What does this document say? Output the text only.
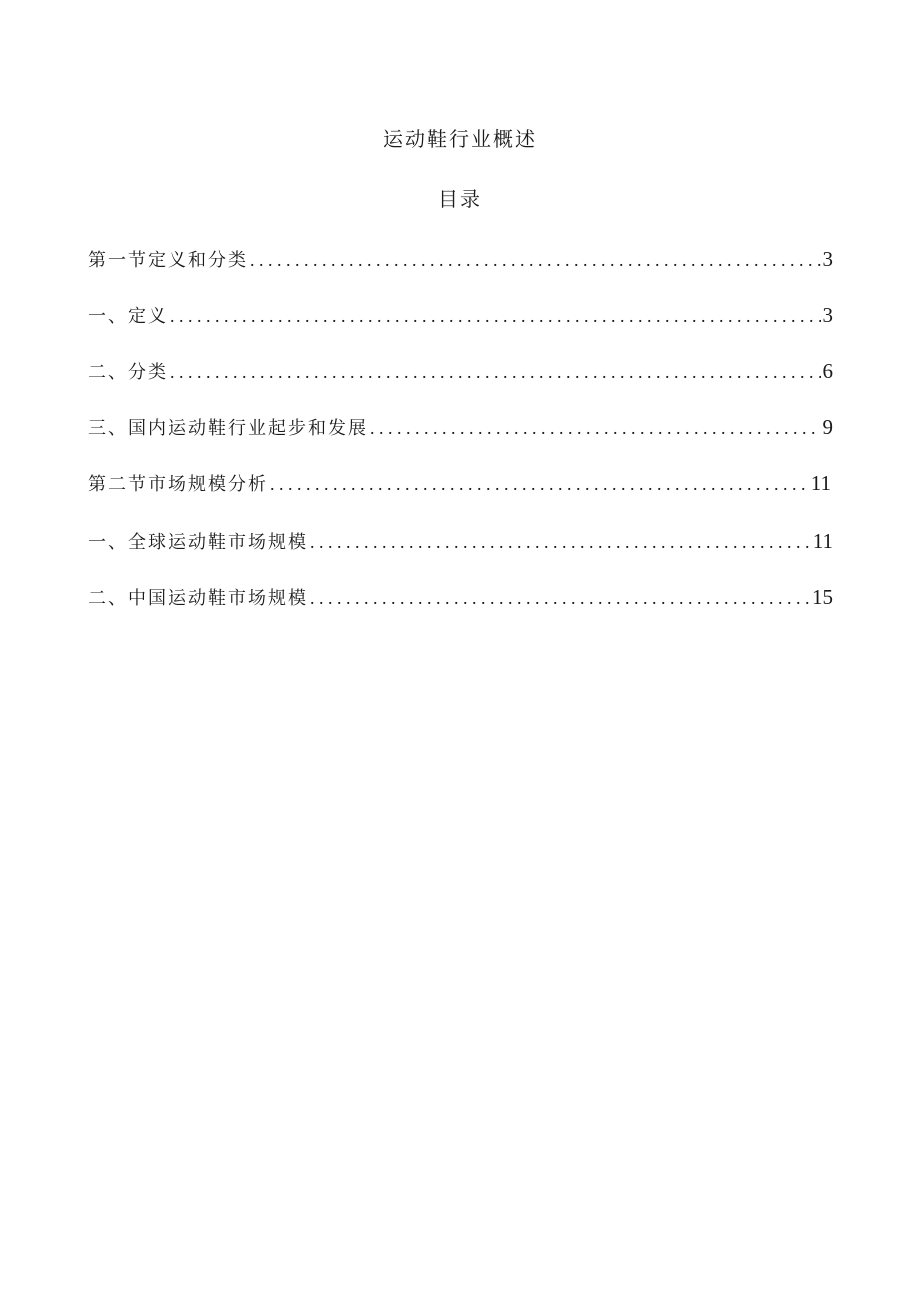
运动鞋行业概述
目录
第一节定义和分类 . . .	3
一、定义 . . .	3
二、分类 . . .	6
三、国内运动鞋行业起步和发展 . . .	9
第二节市场规模分析 . . .	11
一、全球运动鞋市场规模 . . .	11
二、中国运动鞋市场规模 . . .	15
